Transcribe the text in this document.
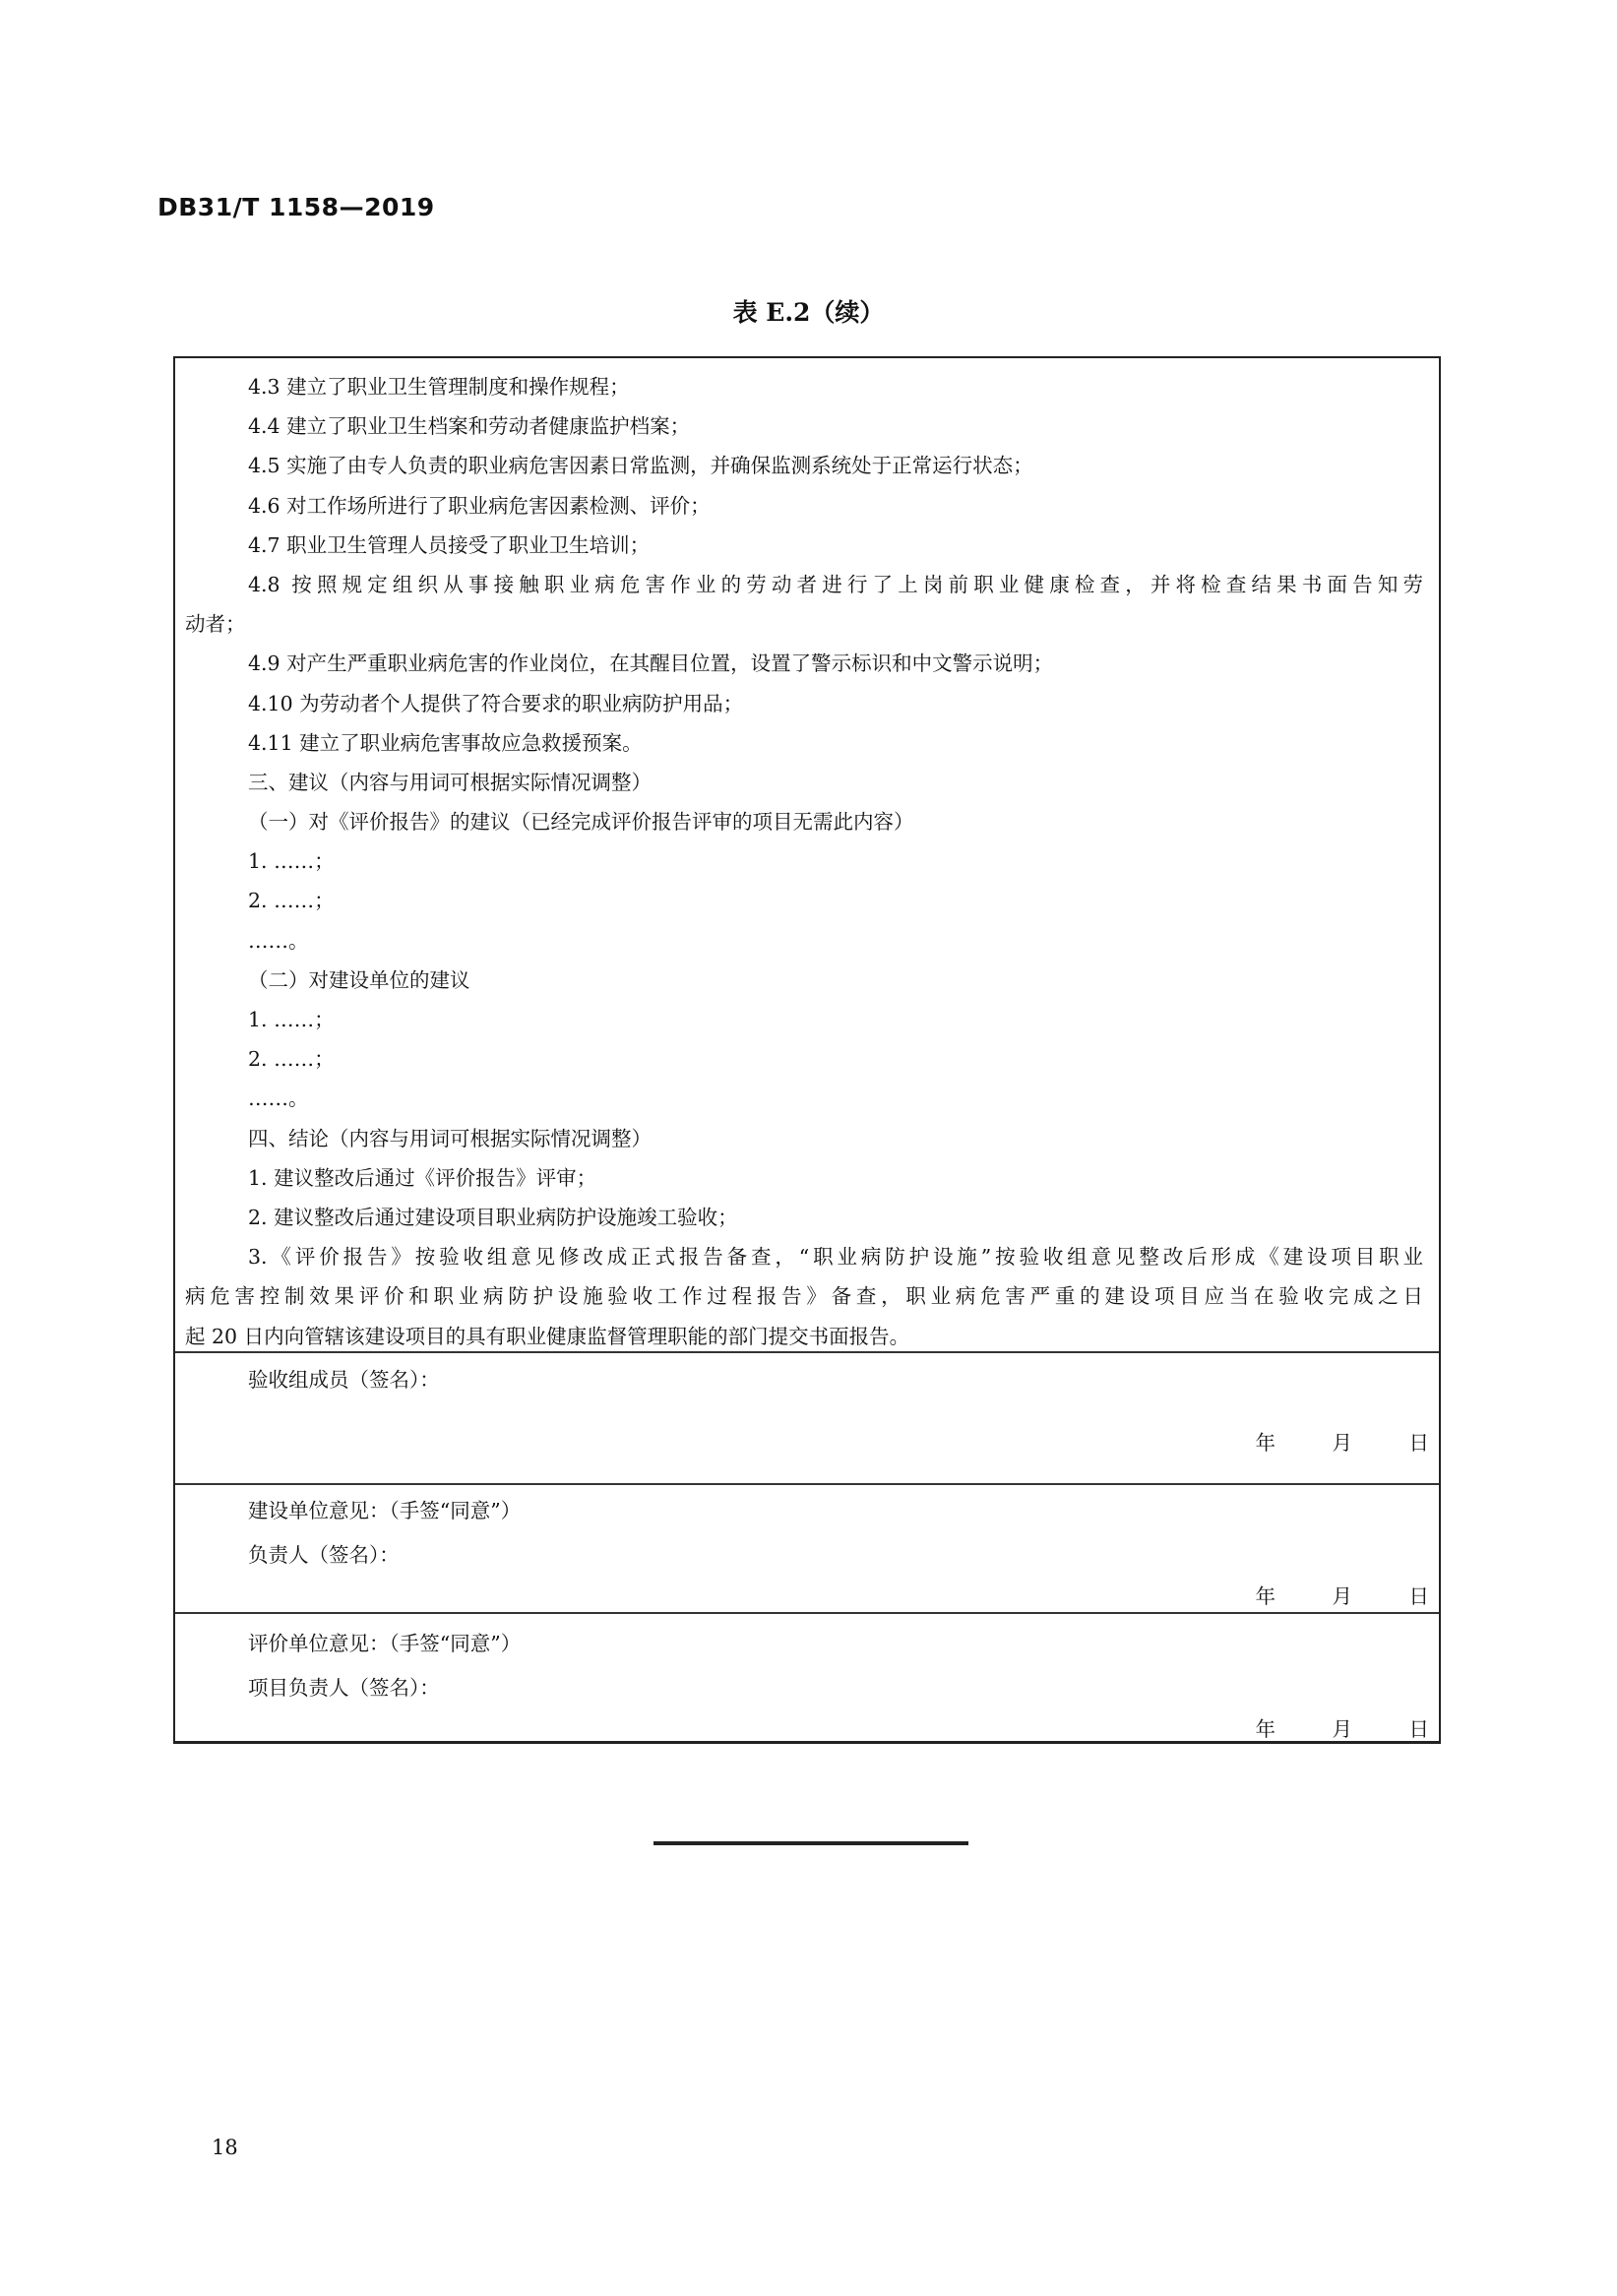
DB31/T 1158—2019
表 E.2（续）
4.3 建立了职业卫生管理制度和操作规程；
4.4 建立了职业卫生档案和劳动者健康监护档案；
4.5 实施了由专人负责的职业病危害因素日常监测，并确保监测系统处于正常运行状态；
4.6 对工作场所进行了职业病危害因素检测、评价；
4.7 职业卫生管理人员接受了职业卫生培训；
4.8 按照规定组织从事接触职业病危害作业的劳动者进行了上岗前职业健康检查，并将检查结果书面告知劳
动者；
4.9 对产生严重职业病危害的作业岗位，在其醒目位置，设置了警示标识和中文警示说明；
4.10 为劳动者个人提供了符合要求的职业病防护用品；
4.11 建立了职业病危害事故应急救援预案。
三、建议（内容与用词可根据实际情况调整）
（一）对《评价报告》的建议（已经完成评价报告评审的项目无需此内容）
1. ……；
2. ……；
……。
（二）对建设单位的建议
1. ……；
2. ……；
……。
四、结论（内容与用词可根据实际情况调整）
1. 建议整改后通过《评价报告》评审；
2. 建议整改后通过建设项目职业病防护设施竣工验收；
3.《评价报告》按验收组意见修改成正式报告备查，“职业病防护设施”按验收组意见整改后形成《建设项目职业
病危害控制效果评价和职业病防护设施验收工作过程报告》备查，职业病危害严重的建设项目应当在验收完成之日
起 20 日内向管辖该建设项目的具有职业健康监督管理职能的部门提交书面报告。
验收组成员（签名）：
年	月	日
建设单位意见：（手签“同意”）
负责人（签名）：
年	月	日
评价单位意见：（手签“同意”）
项目负责人（签名）：
年	月	日
18
